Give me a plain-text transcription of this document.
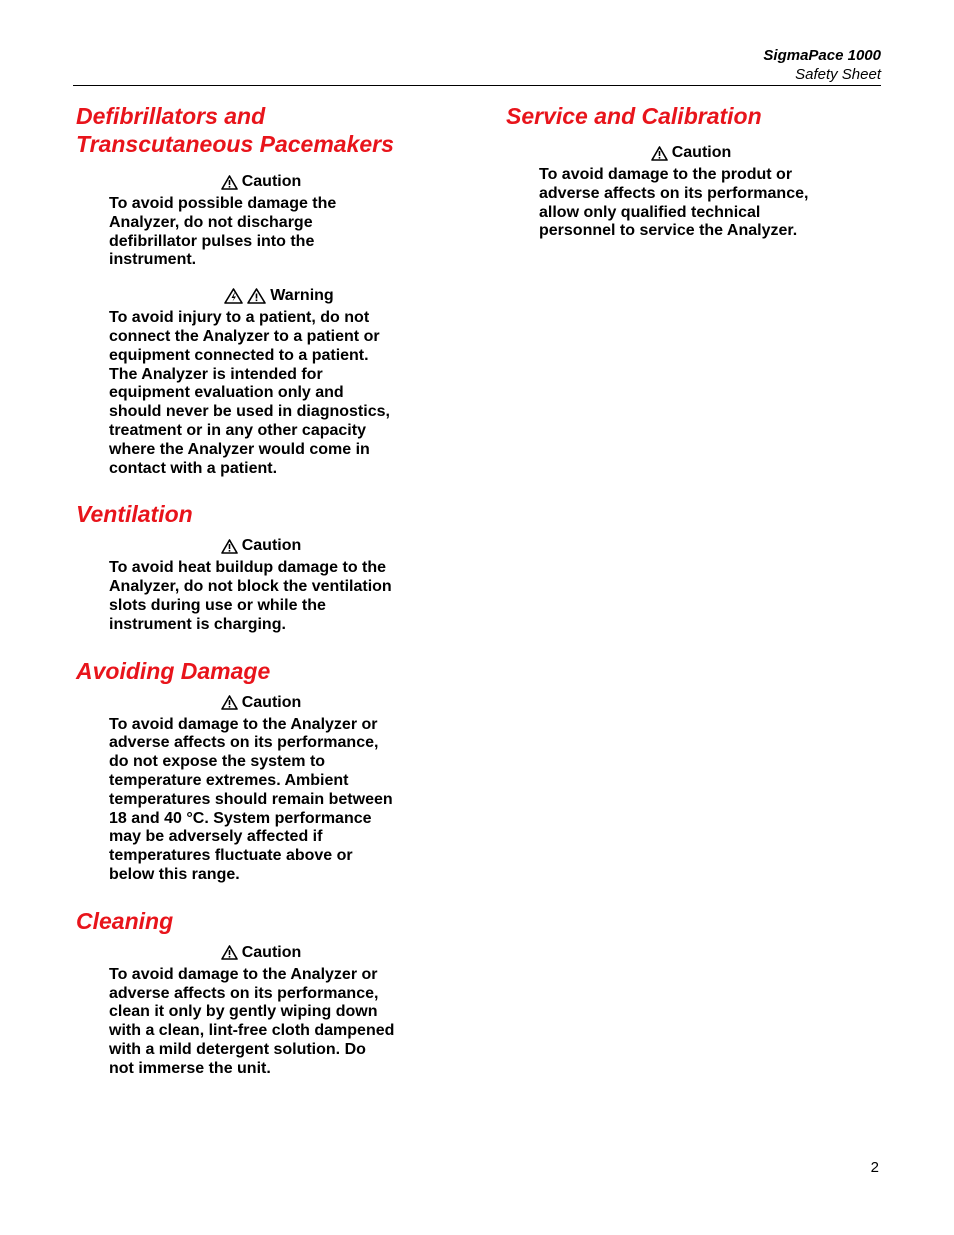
SigmaPace 1000
Safety Sheet
Defibrillators and
Transcutaneous Pacemakers
Caution
To avoid possible damage the
Analyzer, do not discharge
defibrillator pulses into the
instrument.
Warning
To avoid injury to a patient, do not
connect the Analyzer to a patient or
equipment connected to a patient.
The Analyzer is intended for
equipment evaluation only and
should never be used in diagnostics,
treatment or in any other capacity
where the Analyzer would come in
contact with a patient.
Ventilation
Caution
To avoid heat buildup damage to the
Analyzer, do not block the ventilation
slots during use or while the
instrument is charging.
Avoiding Damage
Caution
To avoid damage to the Analyzer or
adverse affects on its performance,
do not expose the system to
temperature extremes. Ambient
temperatures should remain between
18 and 40 °C. System performance
may be adversely affected if
temperatures fluctuate above or
below this range.
Cleaning
Caution
To avoid damage to the Analyzer or
adverse affects on its performance,
clean it only by gently wiping down
with a clean, lint-free cloth dampened
with a mild detergent solution. Do
not immerse the unit.
Service and Calibration
Caution
To avoid damage to the produt or
adverse affects on its performance,
allow only qualified technical
personnel to service the Analyzer.
2
